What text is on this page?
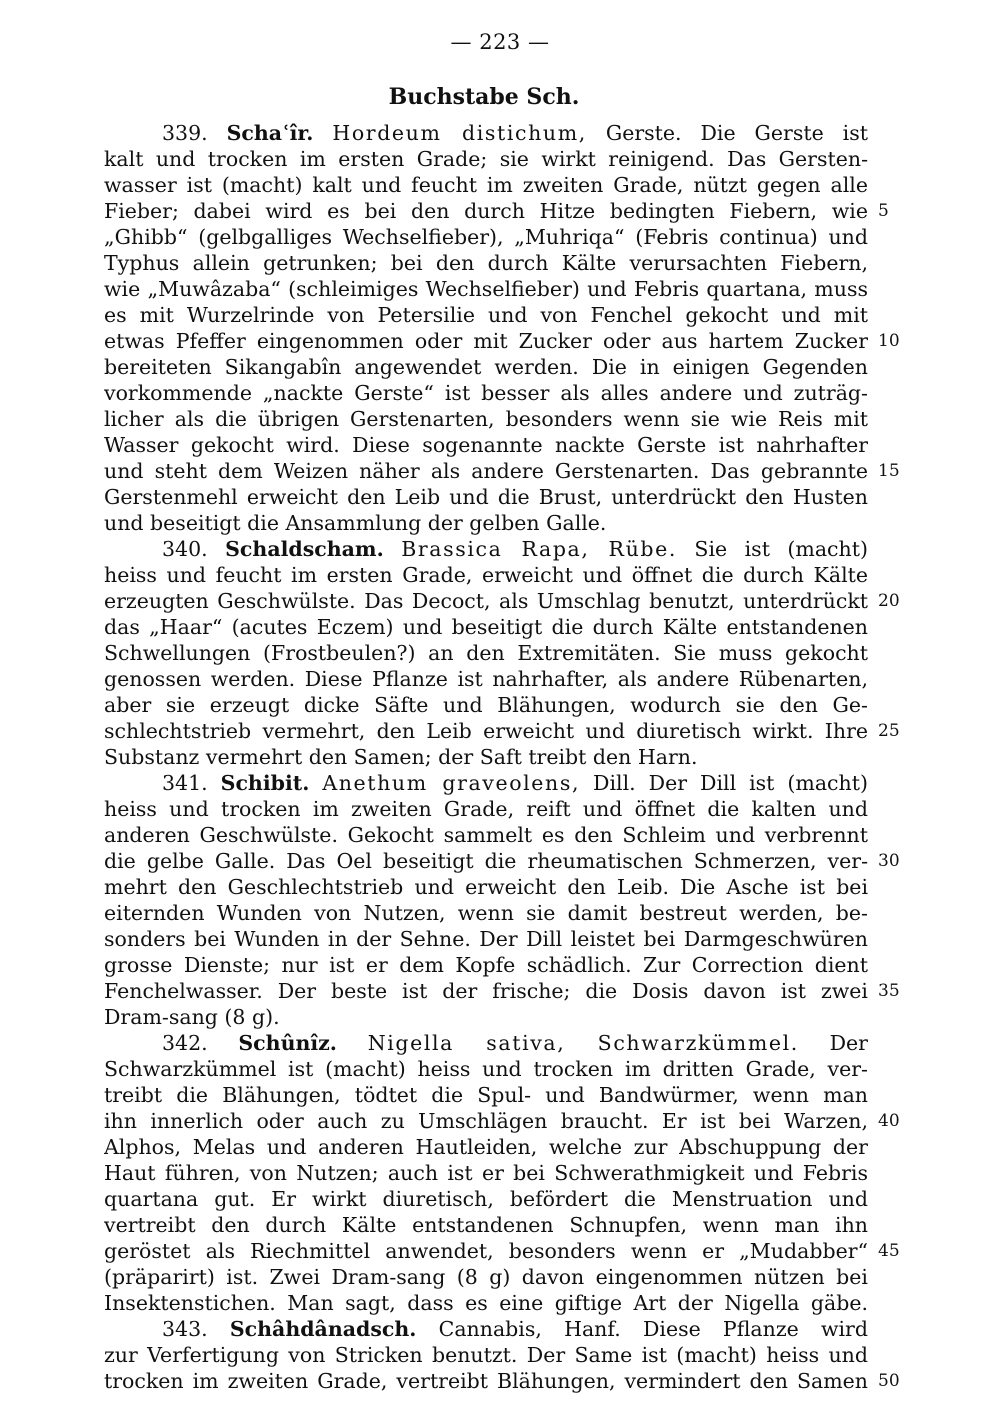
— 223 —
Buchstabe Sch.
339. Schaʿîr. Hordeum distichum, Gerste. Die Gerste ist
kalt und trocken im ersten Grade; sie wirkt reinigend. Das Gersten-
wasser ist (macht) kalt und feucht im zweiten Grade, nützt gegen alle
Fieber; dabei wird es bei den durch Hitze bedingten Fiebern, wie 5
„Ghibb“ (gelbgalliges Wechselfieber), „Muhriqa“ (Febris continua) und
Typhus allein getrunken; bei den durch Kälte verursachten Fiebern,
wie „Muwâzaba“ (schleimiges Wechselfieber) und Febris quartana, muss
es mit Wurzelrinde von Petersilie und von Fenchel gekocht und mit
etwas Pfeffer eingenommen oder mit Zucker oder aus hartem Zucker 10
bereiteten Sikangabîn angewendet werden. Die in einigen Gegenden
vorkommende „nackte Gerste“ ist besser als alles andere und zuträg-
licher als die übrigen Gerstenarten, besonders wenn sie wie Reis mit
Wasser gekocht wird. Diese sogenannte nackte Gerste ist nahrhafter
und steht dem Weizen näher als andere Gerstenarten. Das gebrannte 15
Gerstenmehl erweicht den Leib und die Brust, unterdrückt den Husten
und beseitigt die Ansammlung der gelben Galle.
340. Schaldscham. Brassica Rapa, Rübe. Sie ist (macht)
heiss und feucht im ersten Grade, erweicht und öffnet die durch Kälte
erzeugten Geschwülste. Das Decoct, als Umschlag benutzt, unterdrückt 20
das „Haar“ (acutes Eczem) und beseitigt die durch Kälte entstandenen
Schwellungen (Frostbeulen?) an den Extremitäten. Sie muss gekocht
genossen werden. Diese Pflanze ist nahrhafter, als andere Rübenarten,
aber sie erzeugt dicke Säfte und Blähungen, wodurch sie den Ge-
schlechtstrieb vermehrt, den Leib erweicht und diuretisch wirkt. Ihre 25
Substanz vermehrt den Samen; der Saft treibt den Harn.
341. Schibit. Anethum graveolens, Dill. Der Dill ist (macht)
heiss und trocken im zweiten Grade, reift und öffnet die kalten und
anderen Geschwülste. Gekocht sammelt es den Schleim und verbrennt
die gelbe Galle. Das Oel beseitigt die rheumatischen Schmerzen, ver- 30
mehrt den Geschlechtstrieb und erweicht den Leib. Die Asche ist bei
eiternden Wunden von Nutzen, wenn sie damit bestreut werden, be-
sonders bei Wunden in der Sehne. Der Dill leistet bei Darmgeschwüren
grosse Dienste; nur ist er dem Kopfe schädlich. Zur Correction dient
Fenchelwasser. Der beste ist der frische; die Dosis davon ist zwei 35
Dram-sang (8 g).
342. Schûnîz. Nigella sativa, Schwarzkümmel. Der
Schwarzkümmel ist (macht) heiss und trocken im dritten Grade, ver-
treibt die Blähungen, tödtet die Spul- und Bandwürmer, wenn man
ihn innerlich oder auch zu Umschlägen braucht. Er ist bei Warzen, 40
Alphos, Melas und anderen Hautleiden, welche zur Abschuppung der
Haut führen, von Nutzen; auch ist er bei Schwerathmigkeit und Febris
quartana gut. Er wirkt diuretisch, befördert die Menstruation und
vertreibt den durch Kälte entstandenen Schnupfen, wenn man ihn
geröstet als Riechmittel anwendet, besonders wenn er „Mudabber“ 45
(präparirt) ist. Zwei Dram-sang (8 g) davon eingenommen nützen bei
Insektenstichen. Man sagt, dass es eine giftige Art der Nigella gäbe.
343. Schâhdânadsch. Cannabis, Hanf. Diese Pflanze wird
zur Verfertigung von Stricken benutzt. Der Same ist (macht) heiss und
trocken im zweiten Grade, vertreibt Blähungen, vermindert den Samen 50
